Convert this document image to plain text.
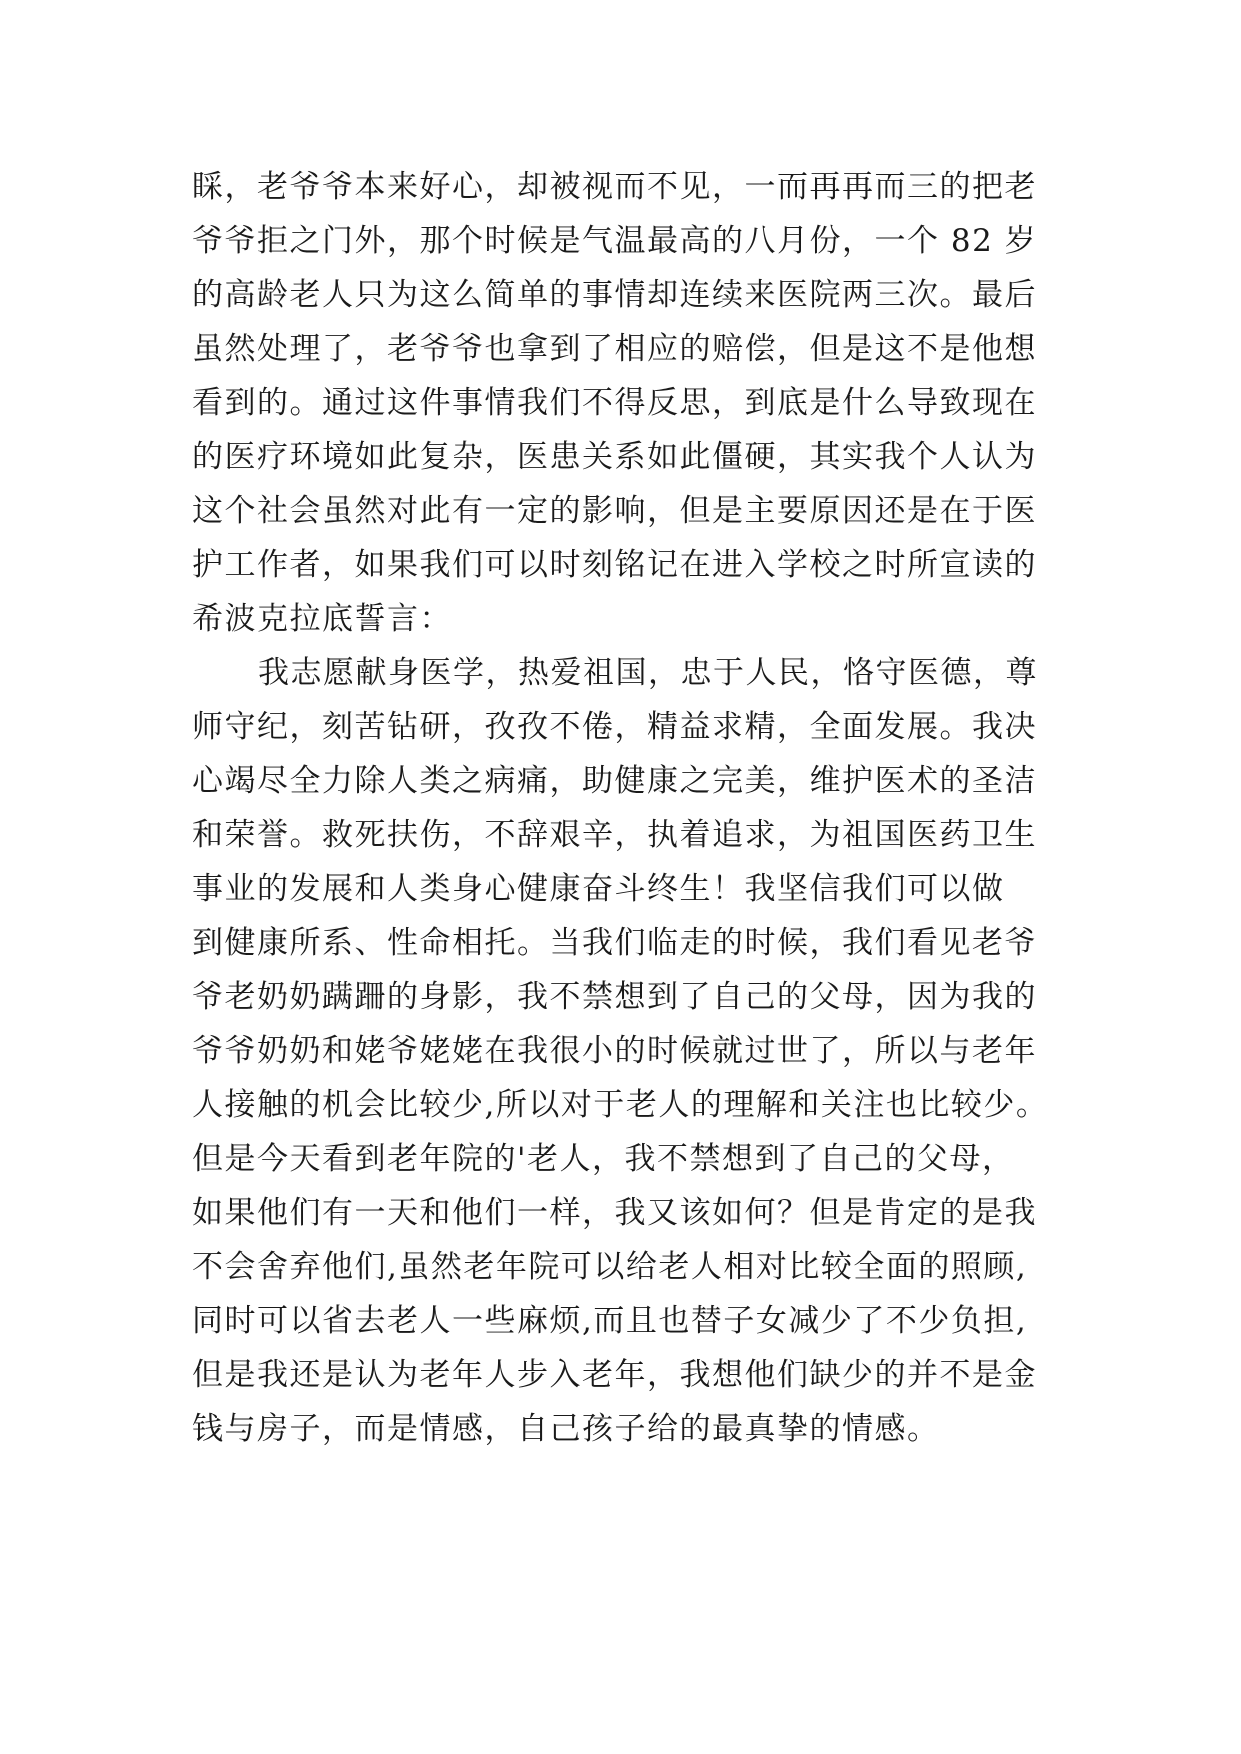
睬，老爷爷本来好心，却被视而不见，一而再再而三的把老
爷爷拒之门外，那个时候是气温最高的八月份，一个 82 岁
的高龄老人只为这么简单的事情却连续来医院两三次。最后
虽然处理了，老爷爷也拿到了相应的赔偿，但是这不是他想
看到的。通过这件事情我们不得反思，到底是什么导致现在
的医疗环境如此复杂，医患关系如此僵硬，其实我个人认为
这个社会虽然对此有一定的影响，但是主要原因还是在于医
护工作者，如果我们可以时刻铭记在进入学校之时所宣读的
希波克拉底誓言：
我志愿献身医学，热爱祖国，忠于人民，恪守医德，尊
师守纪，刻苦钻研，孜孜不倦，精益求精，全面发展。我决
心竭尽全力除人类之病痛，助健康之完美，维护医术的圣洁
和荣誉。救死扶伤，不辞艰辛，执着追求，为祖国医药卫生
事业的发展和人类身心健康奋斗终生！我坚信我们可以做
到健康所系、性命相托。当我们临走的时候，我们看见老爷
爷老奶奶蹒跚的身影，我不禁想到了自己的父母，因为我的
爷爷奶奶和姥爷姥姥在我很小的时候就过世了，所以与老年
人接触的机会比较少,所以对于老人的理解和关注也比较少。
但是今天看到老年院的'老人，我不禁想到了自己的父母，
如果他们有一天和他们一样，我又该如何？但是肯定的是我
不会舍弃他们,虽然老年院可以给老人相对比较全面的照顾,
同时可以省去老人一些麻烦,而且也替子女减少了不少负担,
但是我还是认为老年人步入老年，我想他们缺少的并不是金
钱与房子，而是情感，自己孩子给的最真挚的情感。
